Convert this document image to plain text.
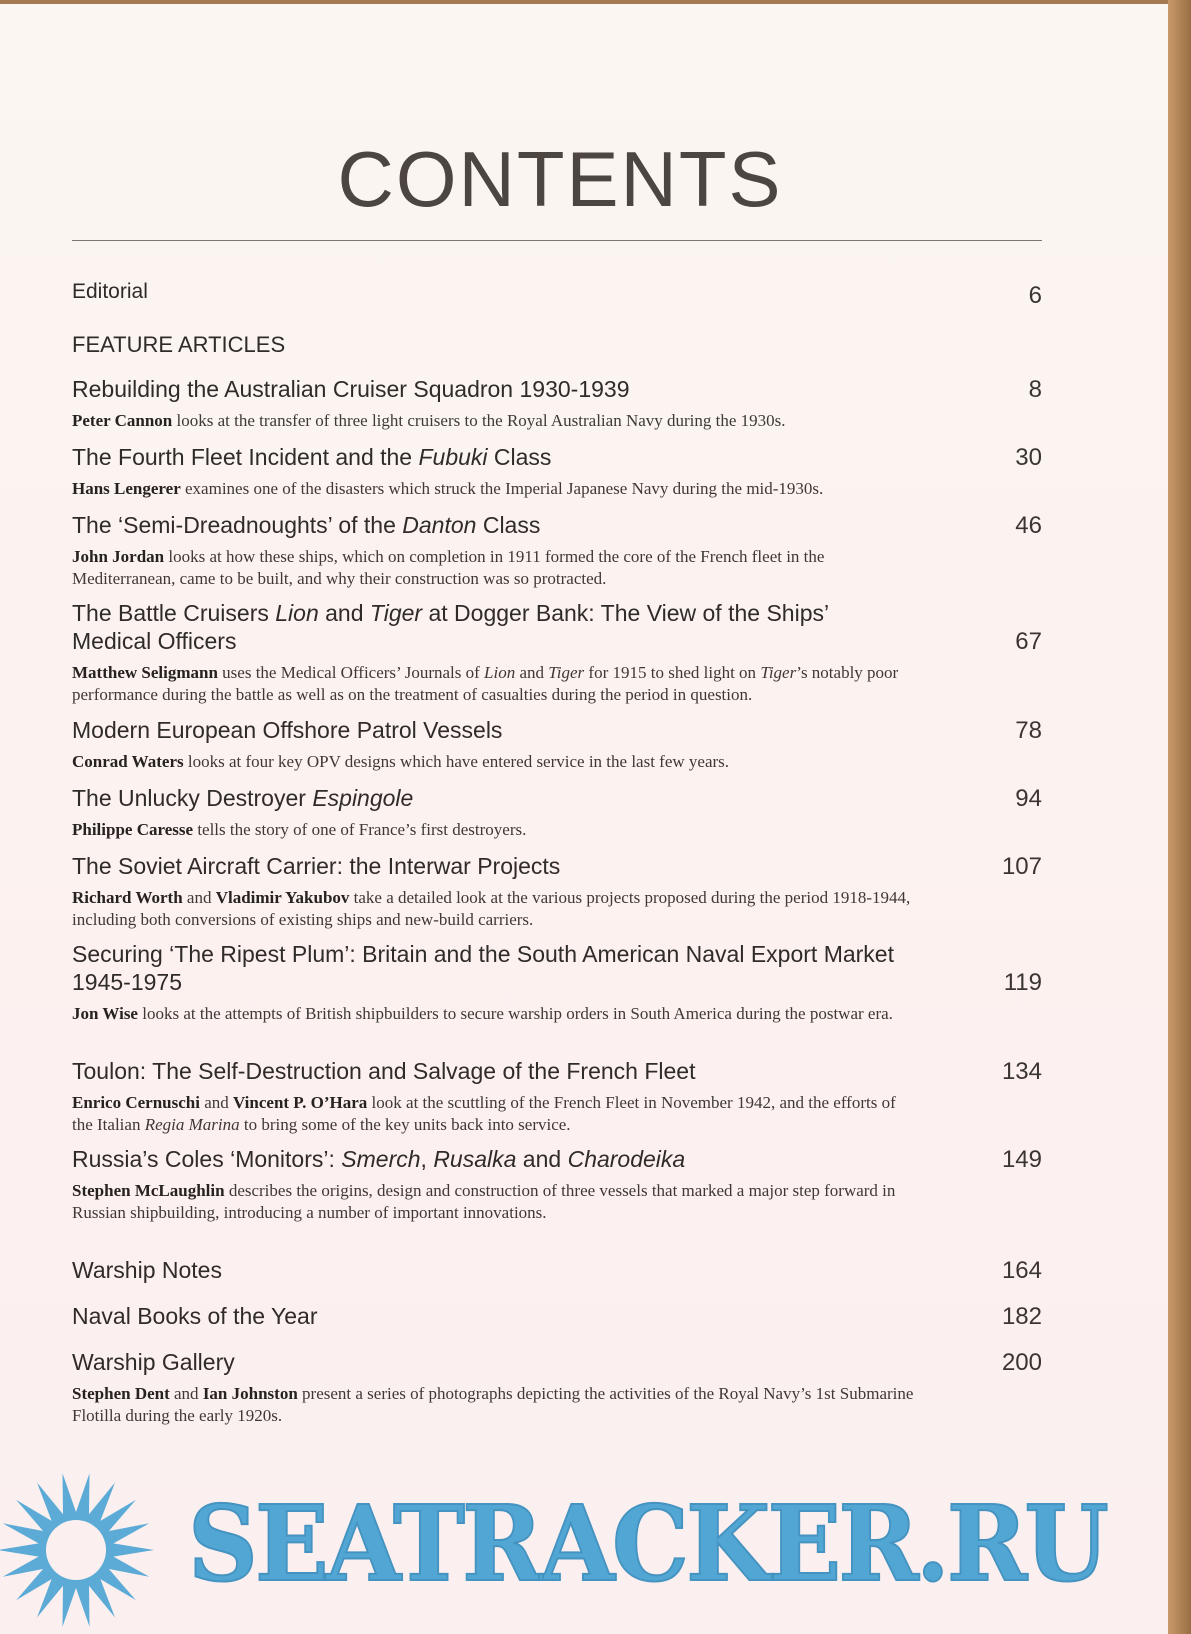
CONTENTS
Editorial	6
FEATURE ARTICLES
Rebuilding the Australian Cruiser Squadron 1930-1939	8
Peter Cannon looks at the transfer of three light cruisers to the Royal Australian Navy during the 1930s.
The Fourth Fleet Incident and the Fubuki Class	30
Hans Lengerer examines one of the disasters which struck the Imperial Japanese Navy during the mid-1930s.
The ‘Semi-Dreadnoughts’ of the Danton Class	46
John Jordan looks at how these ships, which on completion in 1911 formed the core of the French fleet in the Mediterranean, came to be built, and why their construction was so protracted.
The Battle Cruisers Lion and Tiger at Dogger Bank: The View of the Ships’
Medical Officers	67
Matthew Seligmann uses the Medical Officers’ Journals of Lion and Tiger for 1915 to shed light on Tiger’s notably poor performance during the battle as well as on the treatment of casualties during the period in question.
Modern European Offshore Patrol Vessels	78
Conrad Waters looks at four key OPV designs which have entered service in the last few years.
The Unlucky Destroyer Espingole	94
Philippe Caresse tells the story of one of France’s first destroyers.
The Soviet Aircraft Carrier: the Interwar Projects	107
Richard Worth and Vladimir Yakubov take a detailed look at the various projects proposed during the period 1918-1944, including both conversions of existing ships and new-build carriers.
Securing ‘The Ripest Plum’: Britain and the South American Naval Export Market
1945-1975	119
Jon Wise looks at the attempts of British shipbuilders to secure warship orders in South America during the postwar era.
Toulon: The Self-Destruction and Salvage of the French Fleet	134
Enrico Cernuschi and Vincent P. O’Hara look at the scuttling of the French Fleet in November 1942, and the efforts of the Italian Regia Marina to bring some of the key units back into service.
Russia’s Coles ‘Monitors’: Smerch, Rusalka and Charodeika	149
Stephen McLaughlin describes the origins, design and construction of three vessels that marked a major step forward in Russian shipbuilding, introducing a number of important innovations.
Warship Notes	164
Naval Books of the Year	182
Warship Gallery	200
Stephen Dent and Ian Johnston present a series of photographs depicting the activities of the Royal Navy’s 1st Submarine Flotilla during the early 1920s.
SEATRACKER.RU
